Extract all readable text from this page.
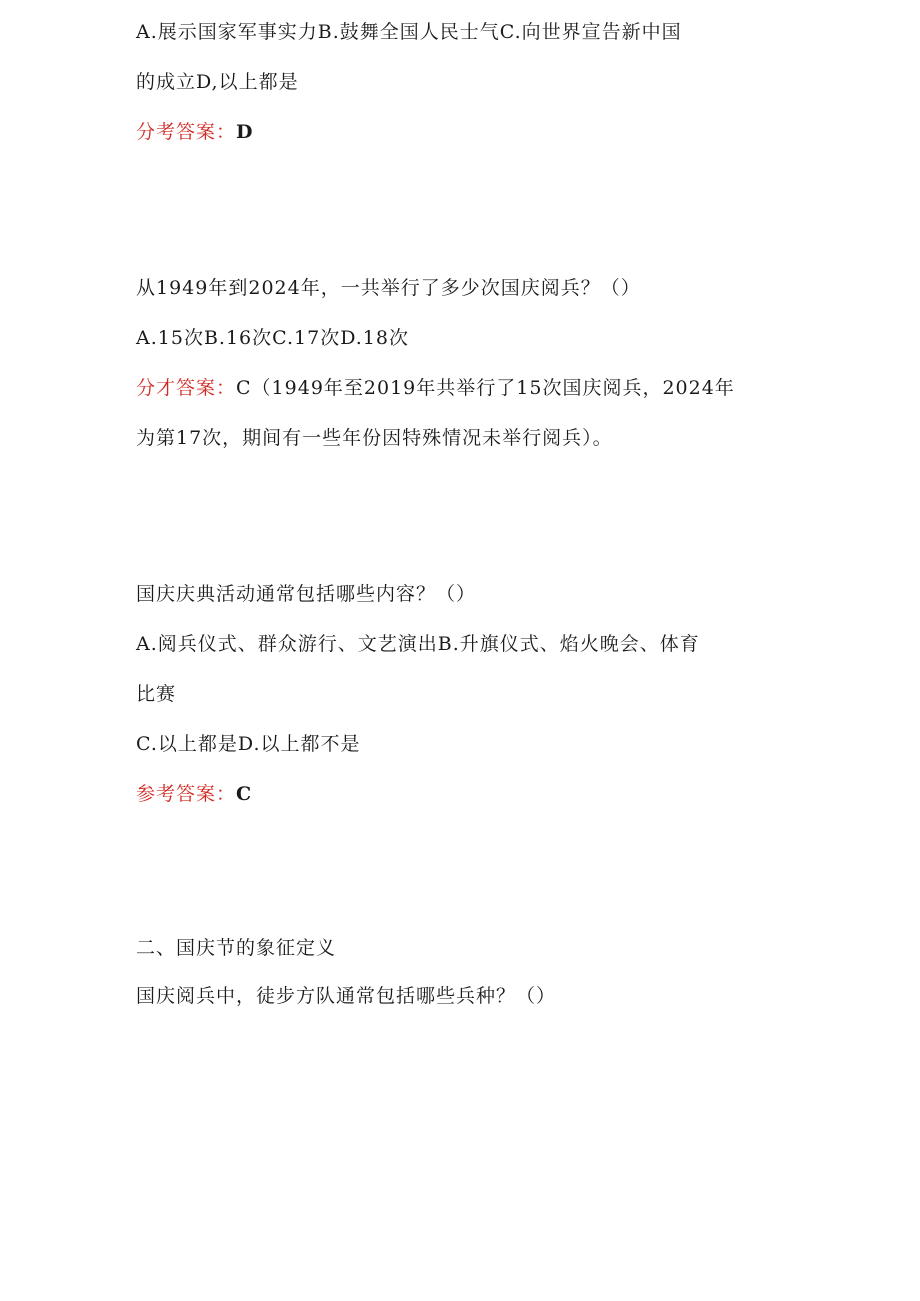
A.展示国家军事实力B.鼓舞全国人民士气C.向世界宣告新中国
的成立D,以上都是
分考答案：D
从1949年到2024年，一共举行了多少次国庆阅兵？（）
A.15次B.16次C.17次D.18次
分才答案：C（1949年至2019年共举行了15次国庆阅兵，2024年
为第17次，期间有一些年份因特殊情况未举行阅兵）。
国庆庆典活动通常包括哪些内容？（）
A.阅兵仪式、群众游行、文艺演出B.升旗仪式、焰火晚会、体育
比赛
C.以上都是D.以上都不是
参考答案：C
二、国庆节的象征定义
国庆阅兵中，徒步方队通常包括哪些兵种？（）
